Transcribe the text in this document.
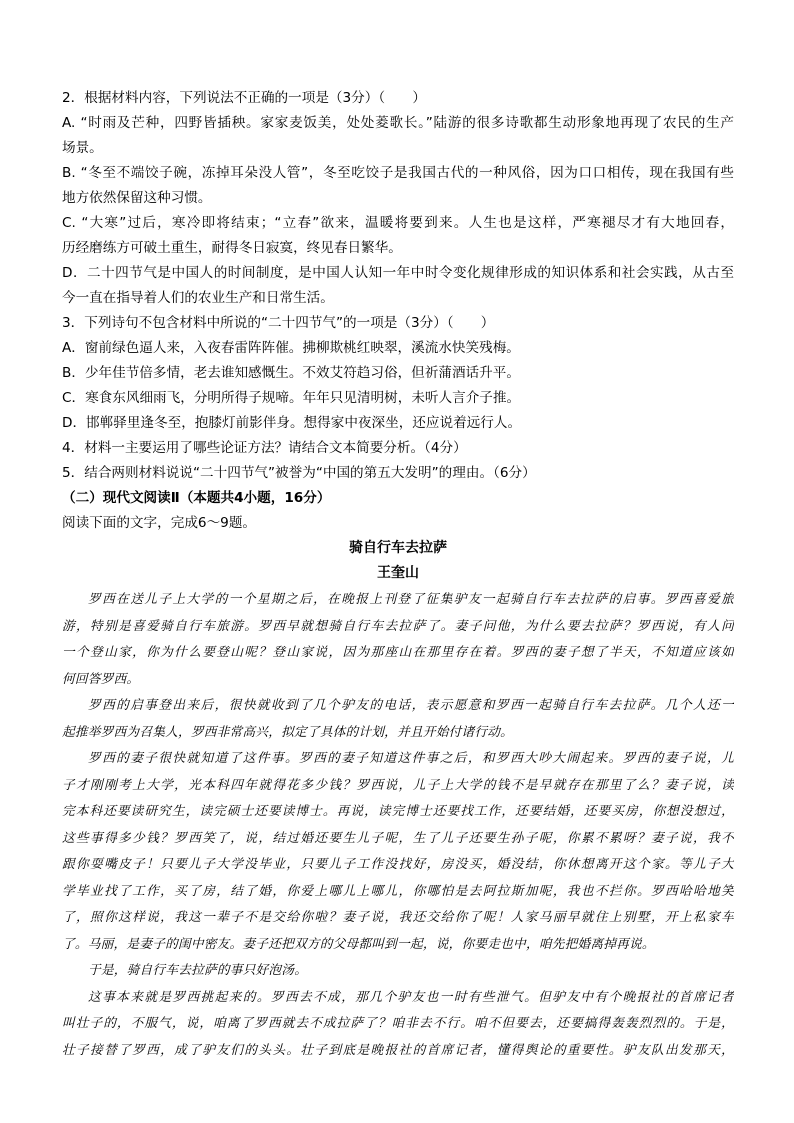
2．根据材料内容，下列说法不正确的一项是（3分）（　　）
A. “时雨及芒种，四野皆插秧。家家麦饭美，处处菱歌长。”陆游的很多诗歌都生动形象地再现了农民的生产
场景。
B. “冬至不端饺子碗，冻掉耳朵没人管”，冬至吃饺子是我国古代的一种风俗，因为口口相传，现在我国有些
地方依然保留这种习惯。
C. “大寒”过后，寒冷即将结束；“立春”欲来，温暖将要到来。人生也是这样，严寒褪尽才有大地回春，
历经磨练方可破土重生，耐得冬日寂寞，终见春日繁华。
D．二十四节气是中国人的时间制度，是中国人认知一年中时令变化规律形成的知识体系和社会实践，从古至
今一直在指导着人们的农业生产和日常生活。
3．下列诗句不包含材料中所说的“二十四节气”的一项是（3分）（　　）
A．窗前绿色逼人来，入夜春雷阵阵催。拂柳欺桃红映翠，溪流水快笑残梅。
B．少年佳节倍多情，老去谁知感慨生。不效艾符趋习俗，但祈蒲酒话升平。
C．寒食东风细雨飞，分明所得子规啼。年年只见清明树，未听人言介子推。
D．邯郸驿里逢冬至，抱膝灯前影伴身。想得家中夜深坐，还应说着远行人。
4．材料一主要运用了哪些论证方法？请结合文本简要分析。（4分）
5．结合两则材料说说“二十四节气”被誉为“中国的第五大发明”的理由。（6分）
（二）现代文阅读Ⅱ（本题共4小题，16分）
阅读下面的文字，完成6～9题。
骑自行车去拉萨
王奎山
罗西在送儿子上大学的一个星期之后，在晚报上刊登了征集驴友一起骑自行车去拉萨的启事。罗西喜爱旅
游，特别是喜爱骑自行车旅游。罗西早就想骑自行车去拉萨了。妻子问他，为什么要去拉萨？罗西说，有人问
一个登山家，你为什么要登山呢？登山家说，因为那座山在那里存在着。罗西的妻子想了半天，不知道应该如
何回答罗西。
罗西的启事登出来后，很快就收到了几个驴友的电话，表示愿意和罗西一起骑自行车去拉萨。几个人还一
起推举罗西为召集人，罗西非常高兴，拟定了具体的计划，并且开始付诸行动。
罗西的妻子很快就知道了这件事。罗西的妻子知道这件事之后，和罗西大吵大闹起来。罗西的妻子说，儿
子才刚刚考上大学，光本科四年就得花多少钱？罗西说，儿子上大学的钱不是早就存在那里了么？妻子说，读
完本科还要读研究生，读完硕士还要读博士。再说，读完博士还要找工作，还要结婚，还要买房，你想没想过，
这些事得多少钱？罗西笑了，说，结过婚还要生儿子呢，生了儿子还要生孙子呢，你累不累呀？妻子说，我不
跟你耍嘴皮子！只要儿子大学没毕业，只要儿子工作没找好，房没买，婚没结，你休想离开这个家。等儿子大
学毕业找了工作，买了房，结了婚，你爱上哪儿上哪儿，你哪怕是去阿拉斯加呢，我也不拦你。罗西哈哈地笑
了，照你这样说，我这一辈子不是交给你啦？妻子说，我还交给你了呢！人家马丽早就住上别墅，开上私家车
了。马丽，是妻子的闺中密友。妻子还把双方的父母都叫到一起，说，你要走也中，咱先把婚离掉再说。
于是，骑自行车去拉萨的事只好泡汤。
这事本来就是罗西挑起来的。罗西去不成，那几个驴友也一时有些泄气。但驴友中有个晚报社的首席记者
叫壮子的，不服气，说，咱离了罗西就去不成拉萨了？咱非去不行。咱不但要去，还要搞得轰轰烈烈的。于是，
壮子接替了罗西，成了驴友们的头头。壮子到底是晚报社的首席记者，懂得舆论的重要性。驴友队出发那天，
